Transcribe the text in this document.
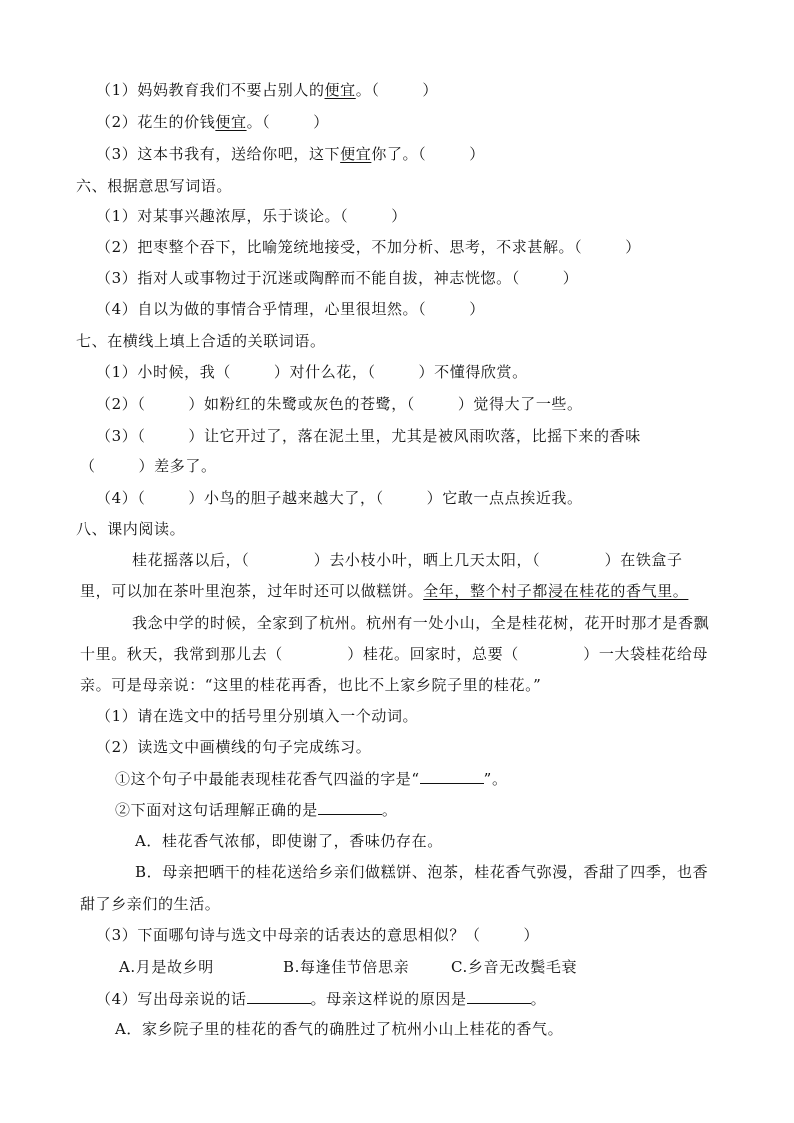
（1）妈妈教育我们不要占别人的便宜。（        ）
（2）花生的价钱便宜。（        ）
（3）这本书我有，送给你吧，这下便宜你了。（        ）
六、根据意思写词语。
（1）对某事兴趣浓厚，乐于谈论。（        ）
（2）把枣整个吞下，比喻笼统地接受，不加分析、思考，不求甚解。（        ）
（3）指对人或事物过于沉迷或陶醉而不能自拔，神志恍惚。（        ）
（4）自以为做的事情合乎情理，心里很坦然。（        ）
七、在横线上填上合适的关联词语。
（1）小时候，我（        ）对什么花，（        ）不懂得欣赏。
（2）（        ）如粉红的朱鹭或灰色的苍鹭，（        ）觉得大了一些。
（3）（        ）让它开过了，落在泥土里，尤其是被风雨吹落，比摇下来的香味
（        ）差多了。
（4）（        ）小鸟的胆子越来越大了，（        ）它敢一点点挨近我。
八、课内阅读。
桂花摇落以后，（            ）去小枝小叶，晒上几天太阳，（            ）在铁盒子
里，可以加在茶叶里泡茶，过年时还可以做糕饼。全年，整个村子都浸在桂花的香气里。
我念中学的时候，全家到了杭州。杭州有一处小山，全是桂花树，花开时那才是香飘
十里。秋天，我常到那儿去（            ）桂花。回家时，总要（            ）一大袋桂花给母
亲。可是母亲说：“这里的桂花再香，也比不上家乡院子里的桂花。”
（1）请在选文中的括号里分别填入一个动词。
（2）读选文中画横线的句子完成练习。
①这个句子中最能表现桂花香气四溢的字是“	”。
②下面对这句话理解正确的是	。
A．桂花香气浓郁，即使谢了，香味仍存在。
B．母亲把晒干的桂花送给乡亲们做糕饼、泡茶，桂花香气弥漫，香甜了四季，也香
甜了乡亲们的生活。
（3）下面哪句诗与选文中母亲的话表达的意思相似？（        ）
A.月是故乡明	B.每逢佳节倍思亲	C.乡音无改鬓毛衰
（4）写出母亲说的话	。母亲这样说的原因是	。
A．家乡院子里的桂花的香气的确胜过了杭州小山上桂花的香气。
